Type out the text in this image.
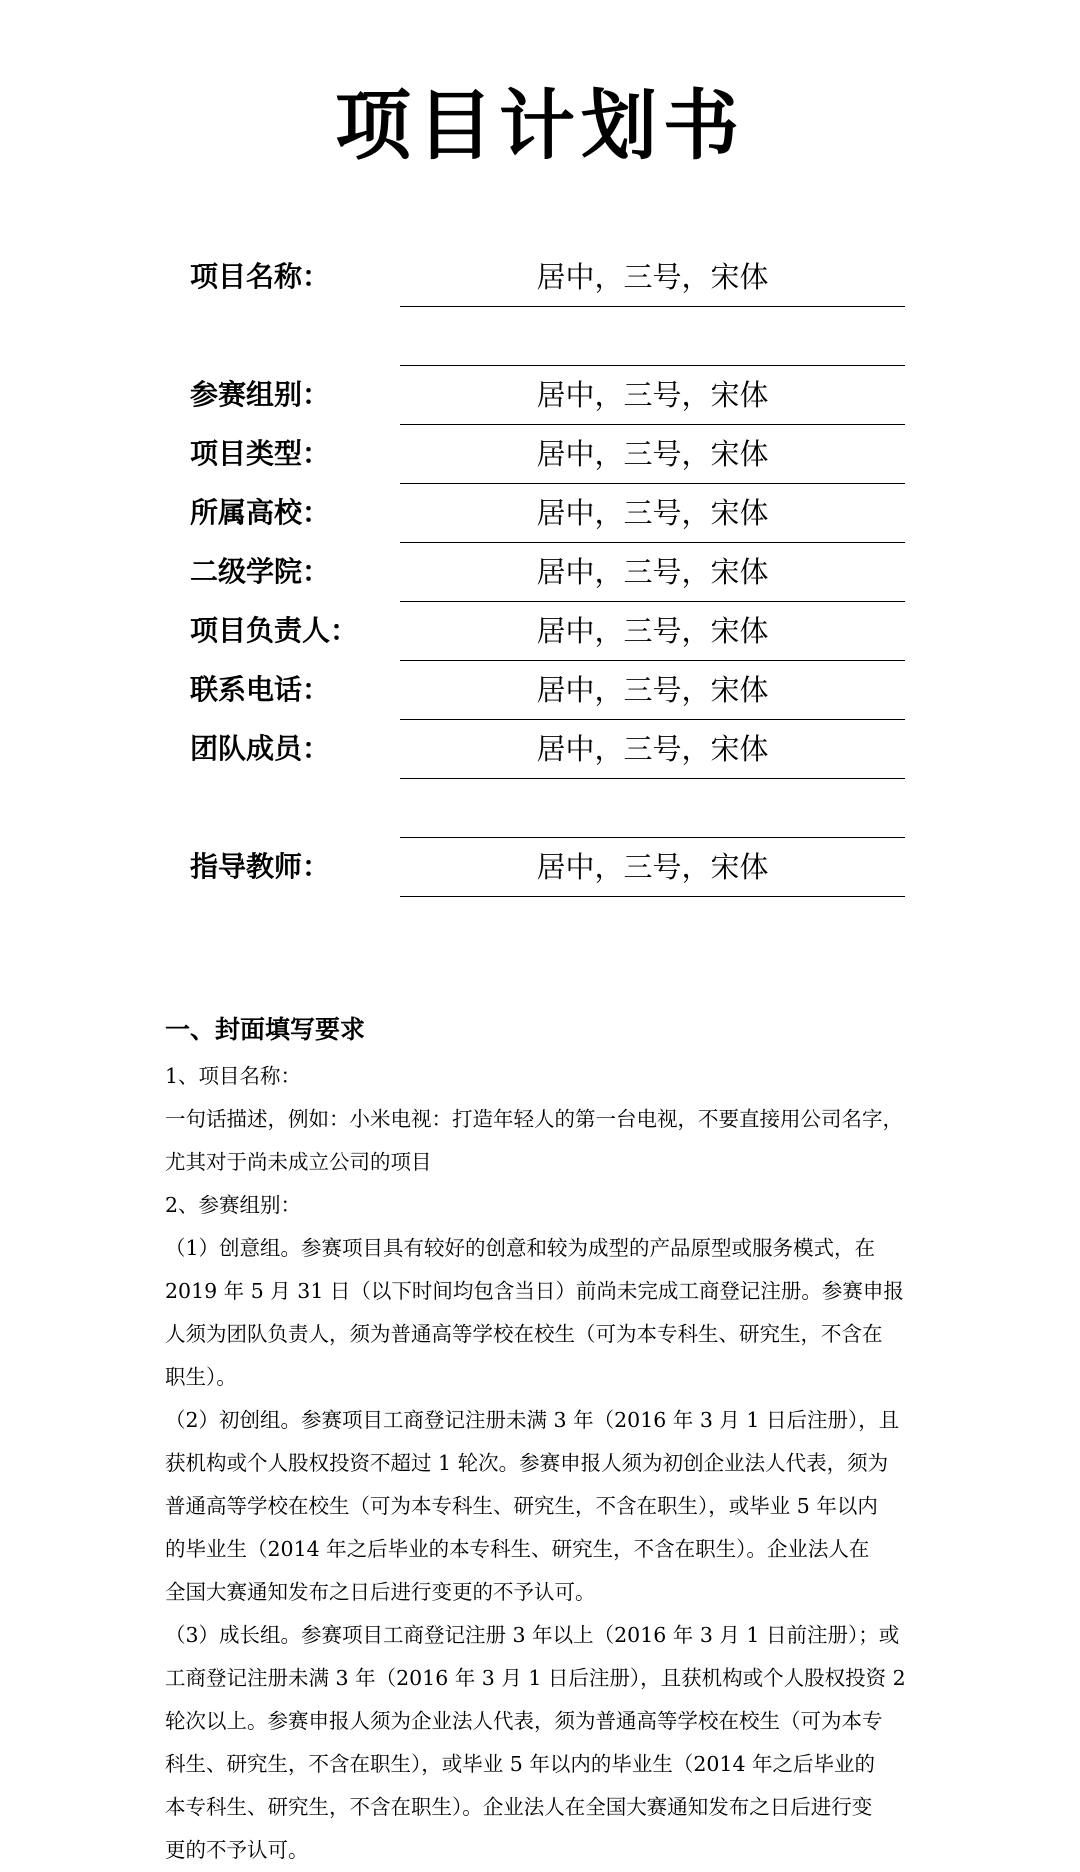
项目计划书
项目名称：	居中，三号，宋体
参赛组别：	居中，三号，宋体
项目类型：	居中，三号，宋体
所属高校：	居中，三号，宋体
二级学院：	居中，三号，宋体
项目负责人：	居中，三号，宋体
联系电话：	居中，三号，宋体
团队成员：	居中，三号，宋体
指导教师：	居中，三号，宋体
一、封面填写要求
1、项目名称：
一句话描述，例如：小米电视：打造年轻人的第一台电视，不要直接用公司名字，
尤其对于尚未成立公司的项目
2、参赛组别：
（1）创意组。参赛项目具有较好的创意和较为成型的产品原型或服务模式，在
2019 年 5 月 31 日（以下时间均包含当日）前尚未完成工商登记注册。参赛申报
人须为团队负责人，须为普通高等学校在校生（可为本专科生、研究生，不含在
职生）。
（2）初创组。参赛项目工商登记注册未满 3 年（2016 年 3 月 1 日后注册），且
获机构或个人股权投资不超过 1 轮次。参赛申报人须为初创企业法人代表，须为
普通高等学校在校生（可为本专科生、研究生，不含在职生），或毕业 5 年以内
的毕业生（2014 年之后毕业的本专科生、研究生，不含在职生）。企业法人在
全国大赛通知发布之日后进行变更的不予认可。
（3）成长组。参赛项目工商登记注册 3 年以上（2016 年 3 月 1 日前注册）；或
工商登记注册未满 3 年（2016 年 3 月 1 日后注册），且获机构或个人股权投资 2
轮次以上。参赛申报人须为企业法人代表，须为普通高等学校在校生（可为本专
科生、研究生，不含在职生），或毕业 5 年以内的毕业生（2014 年之后毕业的
本专科生、研究生，不含在职生）。企业法人在全国大赛通知发布之日后进行变
更的不予认可。
